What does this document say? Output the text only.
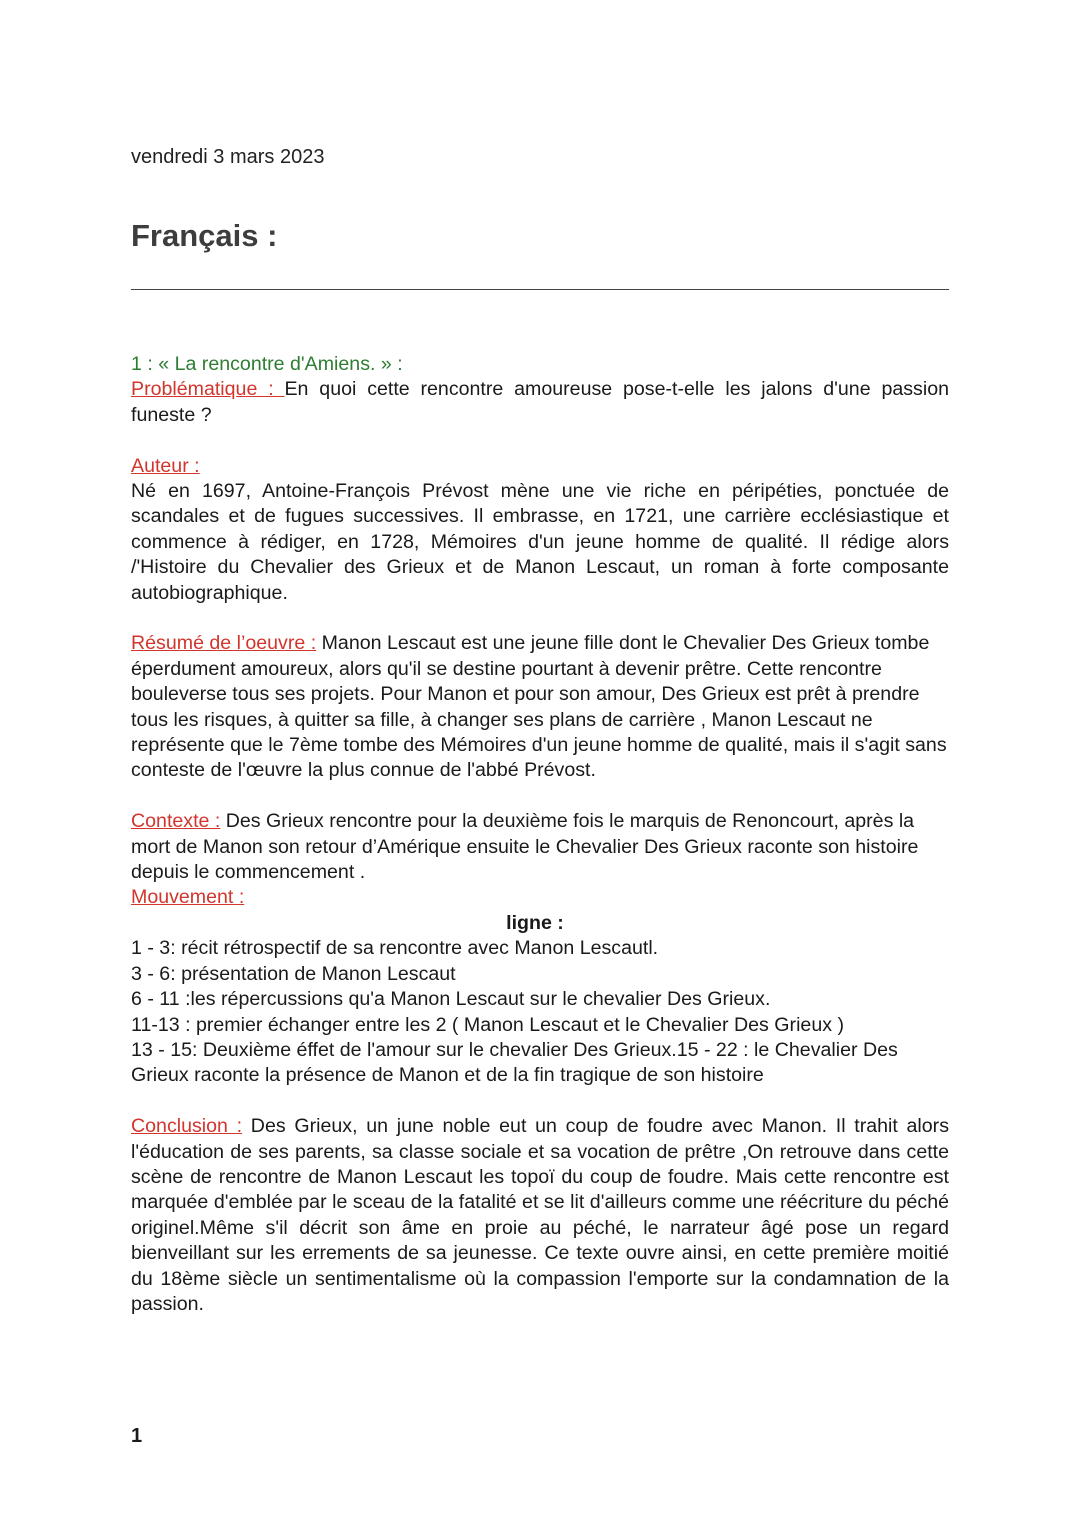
vendredi 3 mars 2023
Français :

1 : « La rencontre d'Amiens. » :

Problématique : En quoi cette rencontre amoureuse pose-t-elle les jalons d'une passion funeste ?

Auteur :

Né en 1697, Antoine-François Prévost mène une vie riche en péripéties, ponctuée de scandales et de fugues successives. Il embrasse, en 1721, une carrière ecclésiastique et commence à rédiger, en 1728, Mémoires d'un jeune homme de qualité. Il rédige alors /'Histoire du Chevalier des Grieux et de Manon Lescaut, un roman à forte composante autobiographique.

Résumé de l’oeuvre : Manon Lescaut est une jeune fille dont le Chevalier Des Grieux tombe éperdument amoureux, alors qu'il se destine pourtant à devenir prêtre. Cette rencontre bouleverse tous ses projets. Pour Manon et pour son amour, Des Grieux est prêt à prendre tous les risques, à quitter sa fille, à changer ses plans de carrière , Manon Lescaut ne représente que le 7ème tombe des Mémoires d'un jeune homme de qualité, mais il s'agit sans conteste de l'œuvre la plus connue de l'abbé Prévost.

Contexte : Des Grieux rencontre pour la deuxième fois le marquis de Renoncourt, après la mort de Manon son retour d’Amérique ensuite le Chevalier Des Grieux raconte son histoire depuis le commencement .

Mouvement :

ligne :

1 - 3: récit rétrospectif de sa rencontre avec Manon Lescautl.

3 - 6: présentation de Manon Lescaut

6 - 11 :les répercussions qu'a Manon Lescaut sur le chevalier Des Grieux.

11-13 : premier échanger entre les 2 ( Manon Lescaut et le Chevalier Des Grieux )

13 - 15: Deuxième éffet de l'amour sur le chevalier Des Grieux.15 - 22 : le Chevalier Des Grieux raconte la présence de Manon et de la fin tragique de son histoire

Conclusion : Des Grieux, un june noble eut un coup de foudre avec Manon. Il trahit alors l'éducation de ses parents, sa classe sociale et sa vocation de prêtre ,On retrouve dans cette scène de rencontre de Manon Lescaut les topoï du coup de foudre. Mais cette rencontre est marquée d'emblée par le sceau de la fatalité et se lit d'ailleurs comme une réécriture du péché originel.Même s'il décrit son âme en proie au péché, le narrateur âgé pose un regard bienveillant sur les errements de sa jeunesse. Ce texte ouvre ainsi, en cette première moitié du 18ème siècle un sentimentalisme où la compassion l'emporte sur la condamnation de la passion.

1
